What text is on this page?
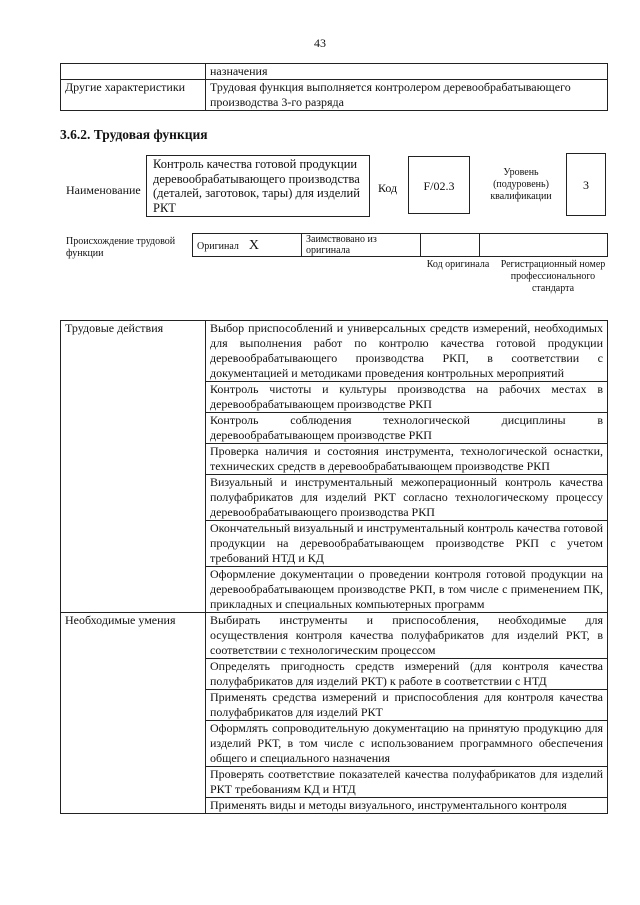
43
	назначения
Другие характеристики	Трудовая функция выполняется контролером деревообрабатывающего производства 3-го разряда
3.6.2. Трудовая функция
Наименование
Контроль качества готовой продукции деревообрабатывающего производства (деталей, заготовок, тары) для изделий РКТ
Код	F/02.3
Уровень (подуровень) квалификации
3
Происхождение трудовой функции
Оригинал X	Заимствовано из оригинала		
Код оригинала	Регистрационный номер профессионального стандарта
Трудовые действия	Выбор приспособлений и универсальных средств измерений, необходимых для выполнения работ по контролю качества готовой продукции деревообрабатывающего производства РКП, в соответствии с документацией и методиками проведения контрольных мероприятий
	Контроль чистоты и культуры производства на рабочих местах в деревообрабатывающем производстве РКП
	Контроль соблюдения технологической дисциплины в деревообрабатывающем производстве РКП
	Проверка наличия и состояния инструмента, технологической оснастки, технических средств в деревообрабатывающем производстве РКП
	Визуальный и инструментальный межоперационный контроль качества полуфабрикатов для изделий РКТ согласно технологическому процессу деревообрабатывающего производства РКП
	Окончательный визуальный и инструментальный контроль качества готовой продукции на деревообрабатывающем производстве РКП с учетом требований НТД и КД
	Оформление документации о проведении контроля готовой продукции на деревообрабатывающем производстве РКП, в том числе с применением ПК, прикладных и специальных компьютерных программ
Необходимые умения	Выбирать инструменты и приспособления, необходимые для осуществления контроля качества полуфабрикатов для изделий РКТ, в соответствии с технологическим процессом
	Определять пригодность средств измерений (для контроля качества полуфабрикатов для изделий РКТ) к работе в соответствии с НТД
	Применять средства измерений и приспособления для контроля качества полуфабрикатов для изделий РКТ
	Оформлять сопроводительную документацию на принятую продукцию для изделий РКТ, в том числе с использованием программного обеспечения общего и специального назначения
	Проверять соответствие показателей качества полуфабрикатов для изделий РКТ требованиям КД и НТД
	Применять виды и методы визуального, инструментального контроля
